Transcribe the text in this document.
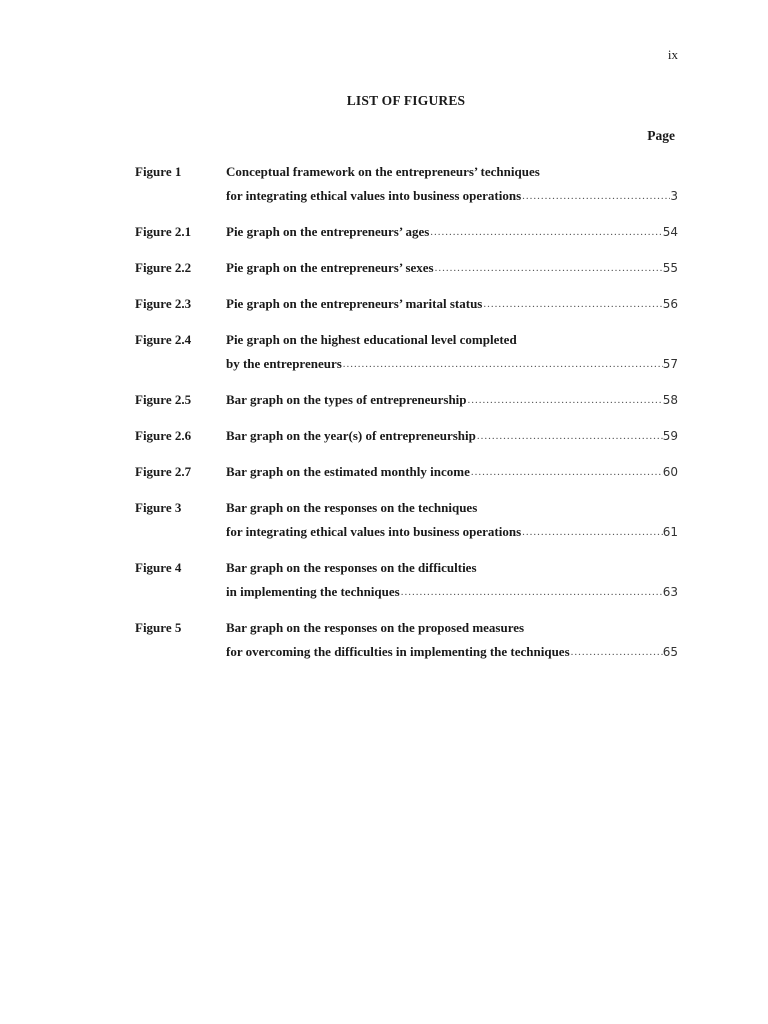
ix
LIST OF FIGURES
Page
Figure 1	Conceptual framework on the entrepreneurs’ techniques
for integrating ethical values into business operations .....	3
Figure 2.1	Pie graph on the entrepreneurs’ ages .....	54
Figure 2.2	Pie graph on the entrepreneurs’ sexes .....	55
Figure 2.3	Pie graph on the entrepreneurs’ marital status .....	56
Figure 2.4	Pie graph on the highest educational level completed
by the entrepreneurs .....	57
Figure 2.5	Bar graph on the types of entrepreneurship .....	58
Figure 2.6	Bar graph on the year(s) of entrepreneurship .....	59
Figure 2.7	Bar graph on the estimated monthly income .....	60
Figure 3	Bar graph on the responses on the techniques
for integrating ethical values into business operations .....	61
Figure 4	Bar graph on the responses on the difficulties
in implementing the techniques .....	63
Figure 5	Bar graph on the responses on the proposed measures
for overcoming the difficulties in implementing the techniques .....	65
